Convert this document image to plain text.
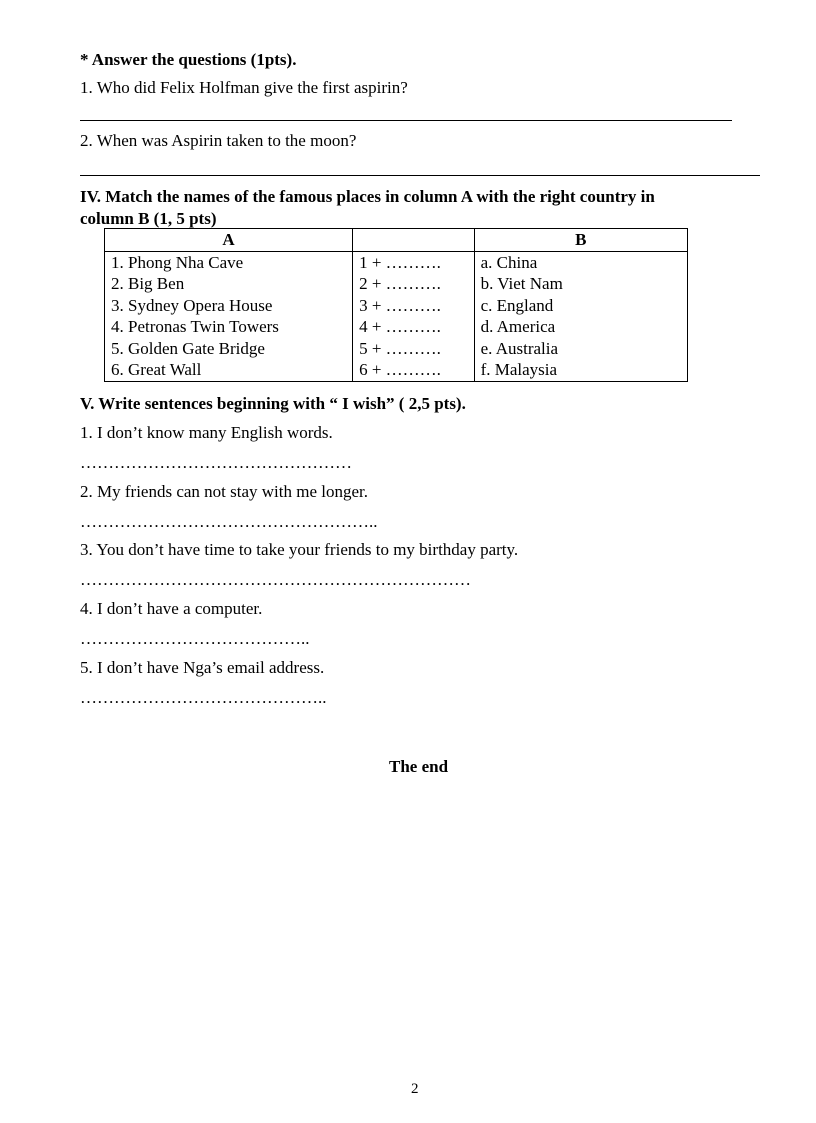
* Answer the questions (1pts).
1. Who did Felix Holfman give the first aspirin?
2. When was Aspirin taken to the moon?
IV. Match the names of the famous places in column A with the right country in
column B (1, 5 pts)
A		B
1. Phong Nha Cave	1 + ……….	a. China
2. Big Ben	2 + ……….	b. Viet Nam
3. Sydney Opera House	3 + ……….	c. England
4. Petronas Twin Towers	4 + ……….	d. America
5. Golden Gate Bridge	5 + ……….	e. Australia
6. Great Wall	6 + ……….	f. Malaysia
V. Write sentences beginning with “ I wish” ( 2,5 pts).
1. I don’t know many English words.
…………………………………………
2. My friends can not stay with me longer.
……………………………………………..
3. You don’t have time to take your friends to my birthday party.
……………………………………………………………
4. I don’t have a computer.
…………………………………..
5. I don’t have Nga’s email address.
……………………………………..
The end
2
